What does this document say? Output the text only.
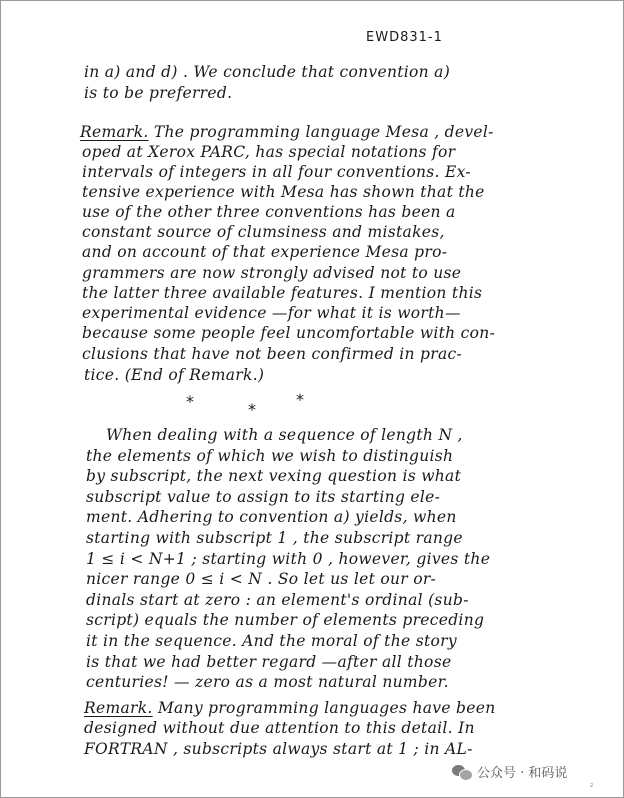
EWD831-1
in a) and d) . We conclude that convention a)
is to be preferred.
Remark. The programming language Mesa , devel-
oped at Xerox PARC, has special notations for
intervals of integers in all four conventions. Ex-
tensive experience with Mesa has shown that the
use of the other three conventions has been a
constant source of clumsiness and mistakes,
and on account of that experience Mesa pro-
grammers are now strongly advised not to use
the latter three available features. I mention this
experimental evidence —for what it is worth—
because some people feel uncomfortable with con-
clusions that have not been confirmed in prac-
tice. (End of Remark.)
*	*
*
When dealing with a sequence of length N ,
the elements of which we wish to distinguish
by subscript, the next vexing question is what
subscript value to assign to its starting ele-
ment. Adhering to convention a) yields, when
starting with subscript 1 , the subscript range
1 ≤ i < N+1 ; starting with 0 , however, gives the
nicer range 0 ≤ i < N . So let us let our or-
dinals start at zero : an element's ordinal (sub-
script) equals the number of elements preceding
it in the sequence. And the moral of the story
is that we had better regard —after all those
centuries! — zero as a most natural number.
Remark. Many programming languages have been
designed without due attention to this detail. In
FORTRAN , subscripts always start at 1 ; in AL-
2
公众号 · 和码说
